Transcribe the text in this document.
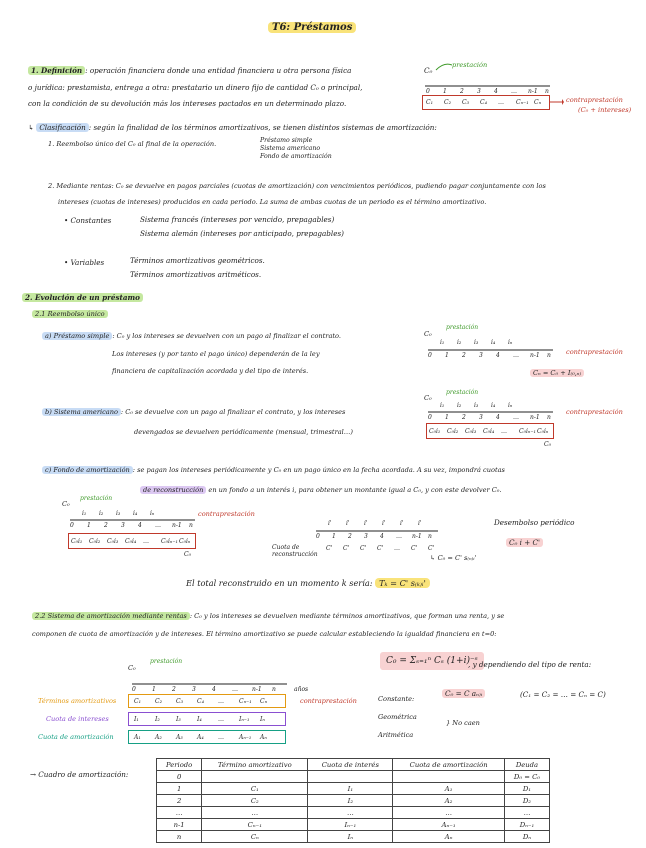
T6: Préstamos
1. Definición : operación financiera donde una entidad financiera u otra persona física
o jurídica: prestamista, entrega a otra: prestatario un dinero fijo de cantidad C₀ o principal,
con la condición de su devolución más los intereses pactados en un determinado plazo.
C₀
prestación
0 1 2 3 4 … n-1 n
C₁ C₂ C₃ C₄ … Cₙ₋₁ Cₙ	contraprestación
(C₀ + intereses)
↳ Clasificación : según la finalidad de los términos amortizativos, se tienen distintos sistemas de amortización:
1. Reembolso único del C₀ al final de la operación.	Préstamo simple
Sistema americano
Fondo de amortización
2. Mediante rentas: C₀ se devuelve en pagos parciales (cuotas de amortización) con vencimientos periódicos, pudiendo pagar conjuntamente con los
intereses (cuotas de intereses) producidos en cada periodo. La suma de ambas cuotas de un periodo es el término amortizativo.
• Constantes	Sistema francés (intereses por vencido, prepagables)
Sistema alemán (intereses por anticipado, prepagables)
• Variables	Términos amortizativos geométricos.
Términos amortizativos aritméticos.
2. Evolución de un préstamo
2.1 Reembolso único
a) Préstamo simple : C₀ y los intereses se devuelven con un pago al finalizar el contrato.
Los intereses (y por tanto el pago único) dependerán de la ley
financiera de capitalización acordada y del tipo de interés.
C₀
prestación
0 1 2 3 4 … n-1 n
i₁ i₂ i₃ i₄ iₙ
contraprestación
Cₙ = C₀ + I₍₀,ₙ₎
b) Sistema americano : C₀ se devuelve con un pago al finalizar el contrato, y los intereses
devengados se devuelven periódicamente (mensual, trimestral…)
C₀
prestación
0 1 2 3 4 … n-1 n
i₁ i₂ i₃ i₄ iₙ
C₀i₁ C₀i₂ C₀i₃ C₀i₄ … C₀iₙ₋₁ C₀iₙ
C₀
contraprestación
c) Fondo de amortización : se pagan los intereses periódicamente y C₀ en un pago único en la fecha acordada. A su vez, impondrá cuotas
de reconstrucción en un fondo a un interés i, para obtener un montante igual a C₀, y con este devolver C₀.
C₀
prestación
0 1 2 3 4 … n-1 n
i₁ i₂ i₃ i₄ iₙ
C₀i₁ C₀i₂ C₀i₃ C₀i₄ … C₀iₙ₋₁ C₀iₙ
C₀
contraprestación
i' i' i' i' i' i'
0 1 2 3 4 … n-1 n
C' C' C' C' … C' C'
Cuota de reconstrucción	↳ C₀ = C' s₍ₙ₎ᵢ'
Desembolso periódico
C₀ i + C'
El total reconstruido en un momento k sería: Tₖ = C' s₍ₖ₎ᵢ'
2.2 Sistema de amortización mediante rentas : C₀ y los intereses se devuelven mediante términos amortizativos, que forman una renta, y se
componen de cuota de amortización y de intereses. El término amortizativo se puede calcular estableciendo la igualdad financiera en t=0:
C₀ = Σₛ₌₁ⁿ Cₛ (1+i)⁻ˢ
, y dependiendo del tipo de renta:
Constante:
Geométrica
Aritmética
C₀ = C aₙ₎ᵢ	(C₁ = C₂ = … = Cₙ = C)
} No caen
C₀
prestación
0	1	2	3	4	… n-1 n	años
C₁ C₂ C₃ C₄ …	Cₙ₋₁ Cₙ
I₁	I₂	I₃	I₄	…	Iₙ₋₁ Iₙ
A₁ A₂ A₃ A₄ …	Aₙ₋₁ Aₙ
Términos amortizativos
Cuota de intereses
Cuota de amortización
contraprestación
→ Cuadro de amortización:
Periodo	Término amortizativo	Cuota de interés	Cuota de amortización	Deuda
0				D₀ = C₀
1	C₁	I₁	A₁	D₁
2	C₂	I₂	A₂	D₂
…	…	…	…	…
n-1	Cₙ₋₁	Iₙ₋₁	Aₙ₋₁	Dₙ₋₁
n	Cₙ	Iₙ	Aₙ	Dₙ
